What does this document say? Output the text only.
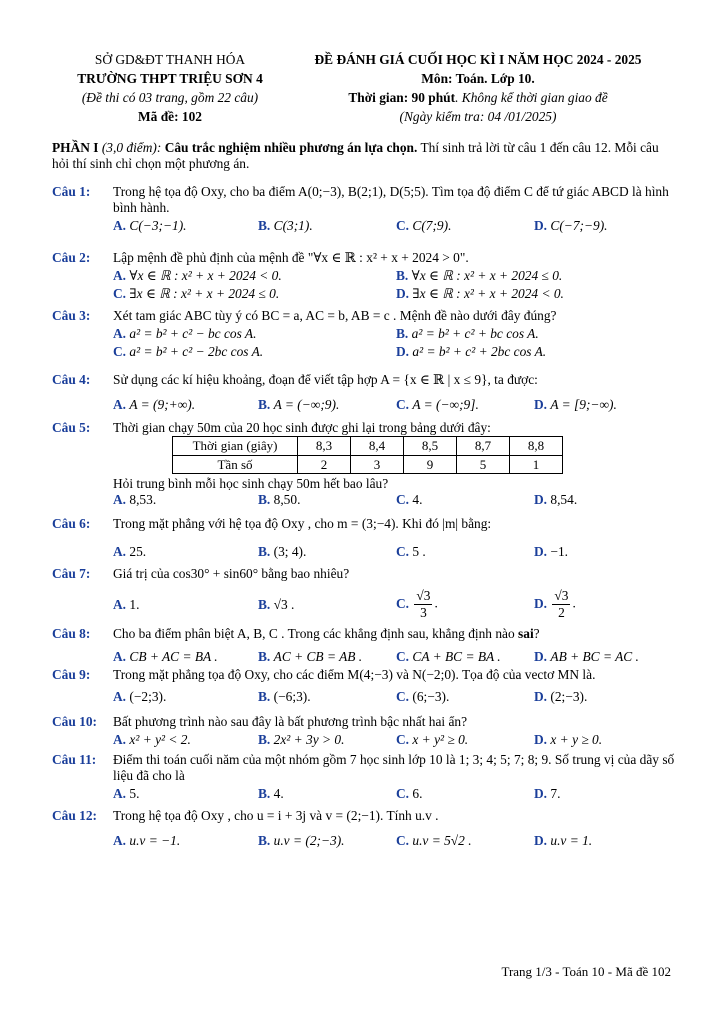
SỞ GD&ĐT THANH HÓA
TRƯỜNG THPT TRIỆU SƠN 4
(Đề thi có 03 trang, gồm 22 câu)
Mã đề: 102
ĐỀ ĐÁNH GIÁ CUỐI HỌC KÌ I NĂM HỌC 2024 - 2025
Môn: Toán. Lớp 10.
Thời gian: 90 phút. Không kể thời gian giao đề
(Ngày kiểm tra: 04 /01/2025)
PHẦN I (3,0 điểm): Câu trắc nghiệm nhiều phương án lựa chọn. Thí sinh trả lời từ câu 1 đến câu 12. Mỗi câu hỏi thí sinh chỉ chọn một phương án.
Câu 1: Trong hệ tọa độ Oxy, cho ba điểm A(0;−3), B(2;1), D(5;5). Tìm tọa độ điểm C để tứ giác ABCD là hình bình hành.
A. C(−3;−1).	B. C(3;1).	C. C(7;9).	D. C(−7;−9).
Câu 2: Lập mệnh đề phủ định của mệnh đề "∀x ∈ ℝ : x² + x + 2024 > 0".
A. ∀x ∈ ℝ : x² + x + 2024 < 0.	B. ∀x ∈ ℝ : x² + x + 2024 ≤ 0.
C. ∃x ∈ ℝ : x² + x + 2024 ≤ 0.	D. ∃x ∈ ℝ : x² + x + 2024 < 0.
Câu 3: Xét tam giác ABC tùy ý có BC = a, AC = b, AB = c . Mệnh đề nào dưới đây đúng?
A. a² = b² + c² − bc cos A.	B. a² = b² + c² + bc cos A.
C. a² = b² + c² − 2bc cos A.	D. a² = b² + c² + 2bc cos A.
Câu 4: Sử dụng các kí hiệu khoảng, đoạn để viết tập hợp A = {x ∈ ℝ | x ≤ 9}, ta được:
A. A = (9;+∞).	B. A = (−∞;9).	C. A = (−∞;9].	D. A = [9;−∞).
Câu 5: Thời gian chạy 50m của 20 học sinh được ghi lại trong bảng dưới đây:
Thời gian (giây)	8,3	8,4	8,5	8,7	8,8
Tần số	2	3	9	5	1
Hỏi trung bình mỗi học sinh chạy 50m hết bao lâu?
A. 8,53.	B. 8,50.	C. 4.	D. 8,54.
Câu 6: Trong mặt phẳng với hệ tọa độ Oxy , cho m = (3;−4). Khi đó |m| bằng:
A. 25.	B. (3; 4).	C. 5 .	D. −1.
Câu 7: Giá trị của cos30° + sin60° bằng bao nhiêu?
A. 1.	B. √3 .	C. $\frac{√3}{3}$ .	D. $\frac{√3}{2}$ .
Câu 8: Cho ba điểm phân biệt A, B, C . Trong các khẳng định sau, khẳng định nào sai?
A. CB + AC = BA .	B. AC + CB = AB .	C. CA + BC = BA .	D. AB + BC = AC .
Câu 9: Trong mặt phẳng tọa độ Oxy, cho các điểm M(4;−3) và N(−2;0). Tọa độ của vectơ MN là.
A. (−2;3).	B. (−6;3).	C. (6;−3).	D. (2;−3).
Câu 10: Bất phương trình nào sau đây là bất phương trình bậc nhất hai ẩn?
A. x² + y² < 2.	B. 2x² + 3y > 0.	C. x + y² ≥ 0.	D. x + y ≥ 0.
Câu 11: Điểm thi toán cuối năm của một nhóm gồm 7 học sinh lớp 10 là 1; 3; 4; 5; 7; 8; 9. Số trung vị của dãy số liệu đã cho là
A. 5.	B. 4.	C. 6.	D. 7.
Câu 12: Trong hệ tọa độ Oxy , cho u = i + 3j và v = (2;−1). Tính u.v .
A. u.v = −1.	B. u.v = (2;−3).	C. u.v = 5√2 .	D. u.v = 1.
Trang 1/3 - Toán 10 - Mã đề 102
